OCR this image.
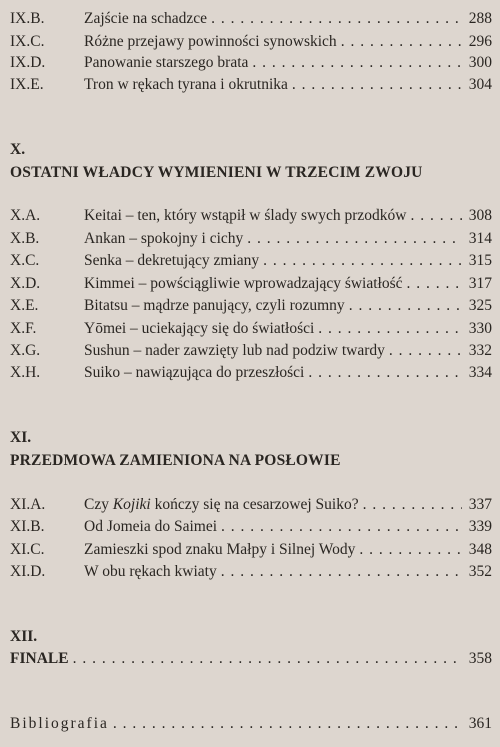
IX.B.	Zajście na schadzce . . .	288
IX.C.	Różne przejawy powinności synowskich . . .	296
IX.D.	Panowanie starszego brata . . .	300
IX.E.	Tron w rękach tyrana i okrutnika . . .	304
X.
OSTATNI WŁADCY WYMIENIENI W TRZECIM ZWOJU
X.A.	Keitai – ten, który wstąpił w ślady swych przodków . . .	308
X.B.	Ankan – spokojny i cichy . . .	314
X.C.	Senka – dekretujący zmiany . . .	315
X.D.	Kimmei – powściągliwie wprowadzający światłość . . .	317
X.E.	Bitatsu – mądrze panujący, czyli rozumny . . .	325
X.F.	Yōmei – uciekający się do światłości . . .	330
X.G.	Sushun – nader zawzięty lub nad podziw twardy . . .	332
X.H.	Suiko – nawiązująca do przeszłości . . .	334
XI.
PRZEDMOWA ZAMIENIONA NA POSŁOWIE
XI.A.	Czy Kojiki kończy się na cesarzowej Suiko? . . .	337
XI.B.	Od Jomeia do Saimei . . .	339
XI.C.	Zamieszki spod znaku Małpy i Silnej Wody . . .	348
XI.D.	W obu rękach kwiaty . . .	352
XII.
FINALE . . .	358
Bibliografia . . .	361
